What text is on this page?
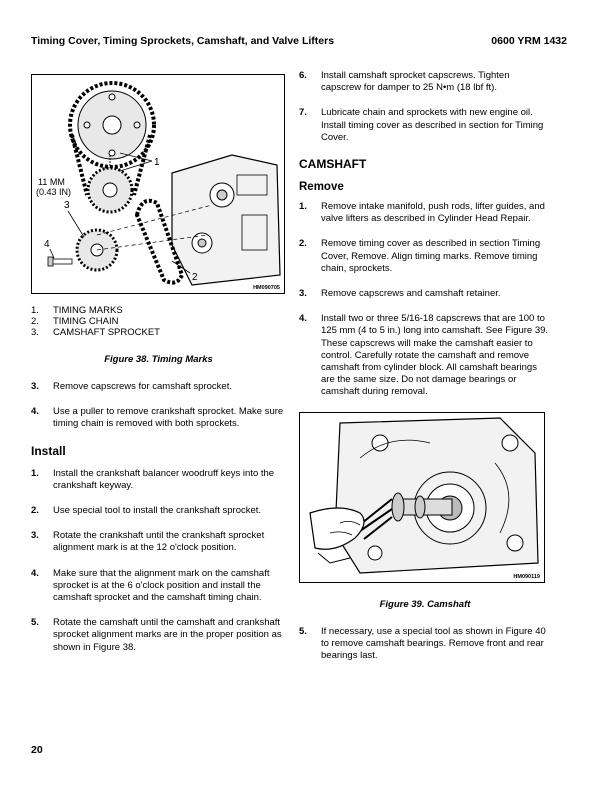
Timing Cover, Timing Sprockets, Camshaft, and Valve Lifters	0600 YRM 1432
1
11 MM
(0.43 IN)
3
4
2
HM090705
1.	TIMING MARKS
2.	TIMING CHAIN
3.	CAMSHAFT SPROCKET
Figure 38. Timing Marks
3.	Remove capscrews for camshaft sprocket.
4.	Use a puller to remove crankshaft sprocket. Make sure timing chain is removed with both sprockets.
Install
1.	Install the crankshaft balancer woodruff keys into the crankshaft keyway.
2.	Use special tool to install the crankshaft sprocket.
3.	Rotate the crankshaft until the crankshaft sprocket alignment mark is at the 12 o'clock position.
4.	Make sure that the alignment mark on the camshaft sprocket is at the 6 o'clock position and install the camshaft sprocket and the camshaft timing chain.
5.	Rotate the camshaft until the camshaft and crankshaft sprocket alignment marks are in the proper position as shown in Figure 38.
6.	Install camshaft sprocket capscrews. Tighten capscrew for damper to 25 N•m (18 lbf ft).
7.	Lubricate chain and sprockets with new engine oil. Install timing cover as described in section for Timing Cover.
CAMSHAFT
Remove
1.	Remove intake manifold, push rods, lifter guides, and valve lifters as described in Cylinder Head Repair.
2.	Remove timing cover as described in section Timing Cover, Remove. Align timing marks. Remove timing chain, sprockets.
3.	Remove capscrews and camshaft retainer.
4.	Install two or three 5/16-18 capscrews that are 100 to 125 mm (4 to 5 in.) long into camshaft. See Figure 39. These capscrews will make the camshaft easier to control. Carefully rotate the camshaft and remove camshaft from cylinder block. All camshaft bearings are the same size. Do not damage bearings or camshaft during removal.
HM090119
Figure 39. Camshaft
5.	If necessary, use a special tool as shown in Figure 40 to remove camshaft bearings. Remove front and rear bearings last.
20
